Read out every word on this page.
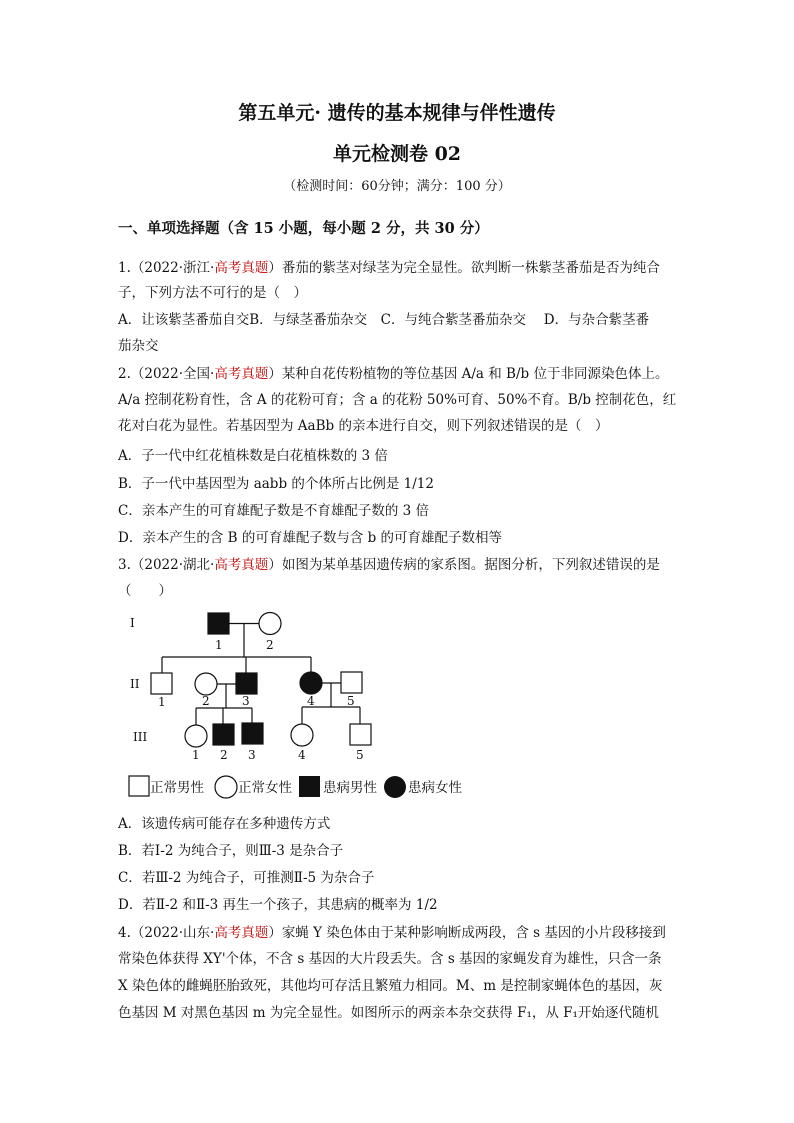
第五单元· 遗传的基本规律与伴性遗传
单元检测卷 02
（检测时间：60分钟；满分：100 分）
一、单项选择题（含 15 小题，每小题 2 分，共 30 分）
1.（2022·浙江·高考真题）番茄的紫茎对绿茎为完全显性。欲判断一株紫茎番茄是否为纯合
子，下列方法不可行的是（　）
A．让该紫茎番茄自交B．与绿茎番茄杂交　C．与纯合紫茎番茄杂交　 D．与杂合紫茎番
茄杂交
2.（2022·全国·高考真题）某种自花传粉植物的等位基因 A/a 和 B/b 位于非同源染色体上。
A/a 控制花粉育性，含 A 的花粉可育；含 a 的花粉 50%可育、50%不育。B/b 控制花色，红
花对白花为显性。若基因型为 AaBb 的亲本进行自交，则下列叙述错误的是（　）
A．子一代中红花植株数是白花植株数的 3 倍
B．子一代中基因型为 aabb 的个体所占比例是 1/12
C．亲本产生的可育雄配子数是不育雄配子数的 3 倍
D．亲本产生的含 B 的可育雄配子数与含 b 的可育雄配子数相等
3.（2022·湖北·高考真题）如图为某单基因遗传病的家系图。据图分析，下列叙述错误的是
（　　）
I
II
III
1	2
1	2	3	4	5
1 2 3	4	5
正常男性	正常女性 患病男性 患病女性
A．该遗传病可能存在多种遗传方式
B．若Ⅰ-2 为纯合子，则Ⅲ-3 是杂合子
C．若Ⅲ-2 为纯合子，可推测Ⅱ-5 为杂合子
D．若Ⅱ-2 和Ⅱ-3 再生一个孩子，其患病的概率为 1/2
4.（2022·山东·高考真题）家蝇 Y 染色体由于某种影响断成两段，含 s 基因的小片段移接到
常染色体获得 XY'个体，不含 s 基因的大片段丢失。含 s 基因的家蝇发育为雄性，只含一条
X 染色体的雌蝇胚胎致死，其他均可存活且繁殖力相同。M、m 是控制家蝇体色的基因，灰
色基因 M 对黑色基因 m 为完全显性。如图所示的两亲本杂交获得 F₁，从 F₁开始逐代随机
